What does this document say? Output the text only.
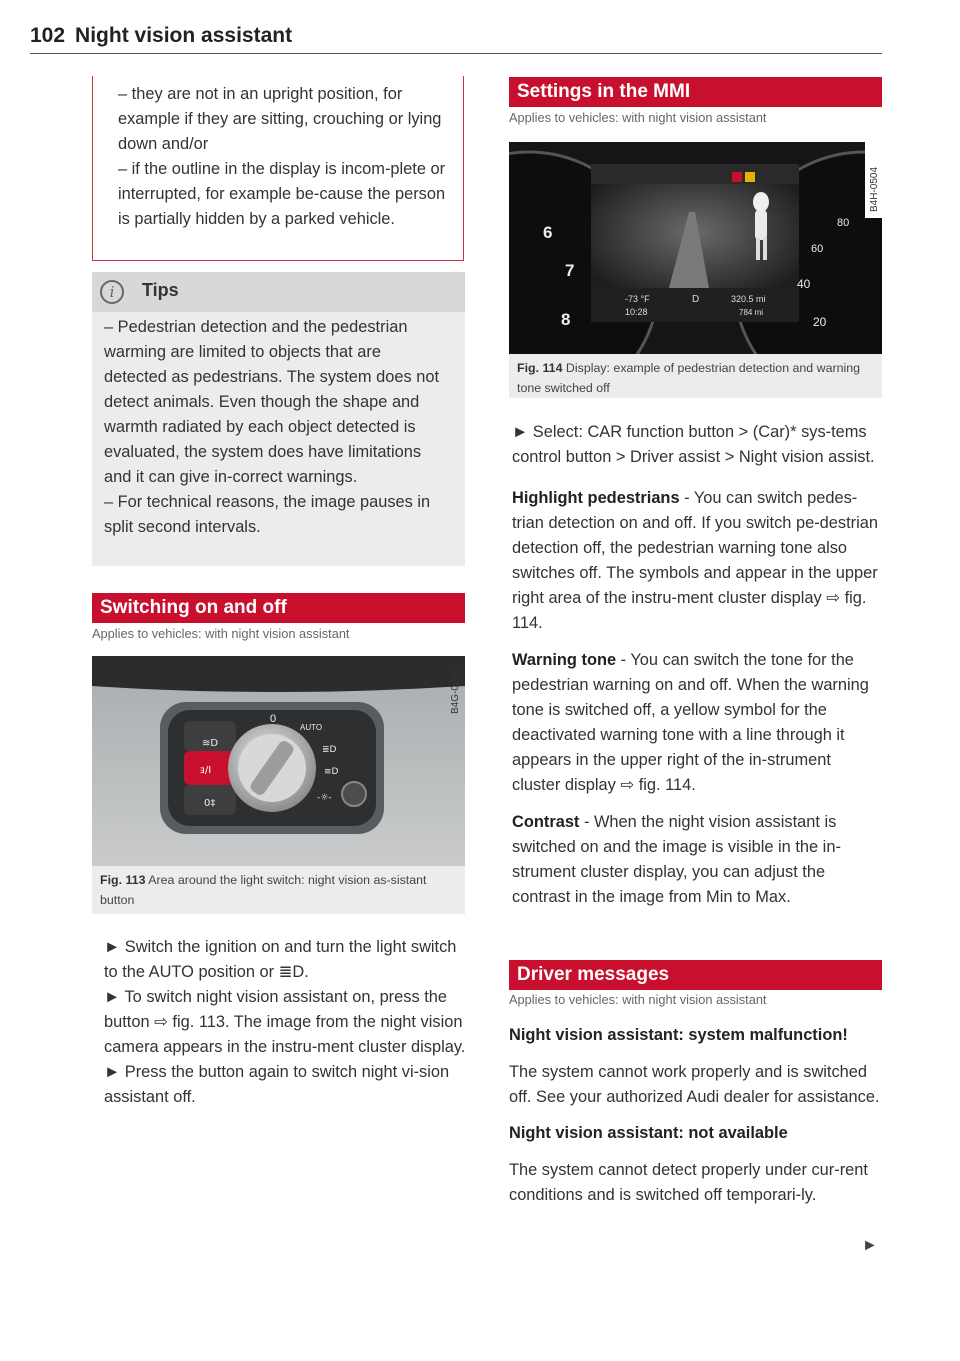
102 Night vision assistant
– they are not in an upright position, for example if they are sitting, crouching or lying down and/or
– if the outline in the display is incom-plete or interrupted, for example be-cause the person is partially hidden by a parked vehicle.
i	Tips
– Pedestrian detection and the pedestrian warming are limited to objects that are detected as pedestrians. The system does not detect animals. Even though the shape and warmth radiated by each object detected is evaluated, the system does have limitations and it can give in-correct warnings.
– For technical reasons, the image pauses in split second intervals.
Switching on and off
Applies to vehicles: with night vision assistant
0
AUTO
≣D
≡D
-☼-
≋D
ⱻ/I
0‡
B4G-0099
Fig. 113 Area around the light switch: night vision as-sistant button
► Switch the ignition on and turn the light switch to the AUTO position or ≣D.
► To switch night vision assistant on, press the button ⇨ fig. 113. The image from the night vision camera appears in the instru-ment cluster display.
► Press the button again to switch night vi-sion assistant off.
Settings in the MMI
Applies to vehicles: with night vision assistant
-73 °F
10:28
D	320.5 mi
784 mi
6
7
8
80
60
40
20
B4H-0504
Fig. 114 Display: example of pedestrian detection and warning tone switched off
► Select: CAR function button > (Car)* sys-tems control button > Driver assist > Night vision assist.
Highlight pedestrians - You can switch pedes-trian detection on and off. If you switch pe-destrian detection off, the pedestrian warning tone also switches off. The symbols and appear in the upper right area of the instru-ment cluster display ⇨ fig. 114.
Warning tone - You can switch the tone for the pedestrian warning on and off. When the warning tone is switched off, a yellow symbol for the deactivated warning tone with a line through it appears in the upper right of the in-strument cluster display ⇨ fig. 114.
Contrast - When the night vision assistant is switched on and the image is visible in the in-strument cluster display, you can adjust the contrast in the image from Min to Max.
Driver messages
Applies to vehicles: with night vision assistant
Night vision assistant: system malfunction!
The system cannot work properly and is switched off. See your authorized Audi dealer for assistance.
Night vision assistant: not available
The system cannot detect properly under cur-rent conditions and is switched off temporari-ly.
►
